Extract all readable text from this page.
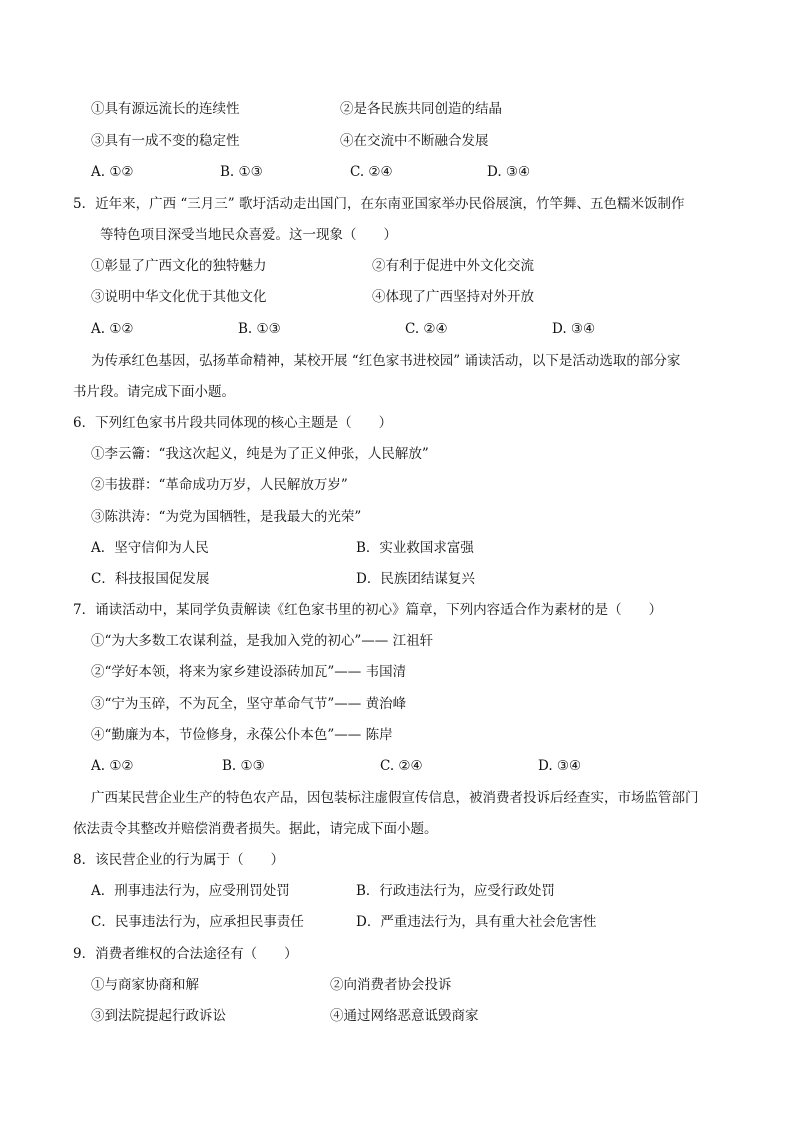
①具有源远流长的连续性	②是各民族共同创造的结晶
③具有一成不变的稳定性	④在交流中不断融合发展
A. ①②	B. ①③	C. ②④	D. ③④
5．近年来，广西 “三月三” 歌圩活动走出国门，在东南亚国家举办民俗展演，竹竿舞、五色糯米饭制作
等特色项目深受当地民众喜爱。这一现象（　　）
①彰显了广西文化的独特魅力	②有利于促进中外文化交流
③说明中华文化优于其他文化	④体现了广西坚持对外开放
A. ①②	B. ①③	C. ②④	D. ③④
为传承红色基因，弘扬革命精神，某校开展 “红色家书进校园” 诵读活动，以下是活动选取的部分家
书片段。请完成下面小题。
6．下列红色家书片段共同体现的核心主题是（　　）
①李云籥：“我这次起义，纯是为了正义伸张，人民解放”
②韦拔群：“革命成功万岁，人民解放万岁”
③陈洪涛：“为党为国牺牲，是我最大的光荣”
A．坚守信仰为人民	B．实业救国求富强
C．科技报国促发展	D．民族团结谋复兴
7．诵读活动中，某同学负责解读《红色家书里的初心》篇章，下列内容适合作为素材的是（　　）
①“为大多数工农谋利益，是我加入党的初心”—— 江祖轩
②“学好本领，将来为家乡建设添砖加瓦”—— 韦国清
③“宁为玉碎，不为瓦全，坚守革命气节”—— 黄治峰
④“勤廉为本，节俭修身，永葆公仆本色”—— 陈岸
A. ①②	B. ①③	C. ②④	D. ③④
广西某民营企业生产的特色农产品，因包装标注虚假宣传信息，被消费者投诉后经查实，市场监管部门
依法责令其整改并赔偿消费者损失。据此，请完成下面小题。
8．该民营企业的行为属于（　　）
A．刑事违法行为，应受刑罚处罚	B．行政违法行为，应受行政处罚
C．民事违法行为，应承担民事责任	D．严重违法行为，具有重大社会危害性
9．消费者维权的合法途径有（　　）
①与商家协商和解	②向消费者协会投诉
③到法院提起行政诉讼	④通过网络恶意诋毁商家
